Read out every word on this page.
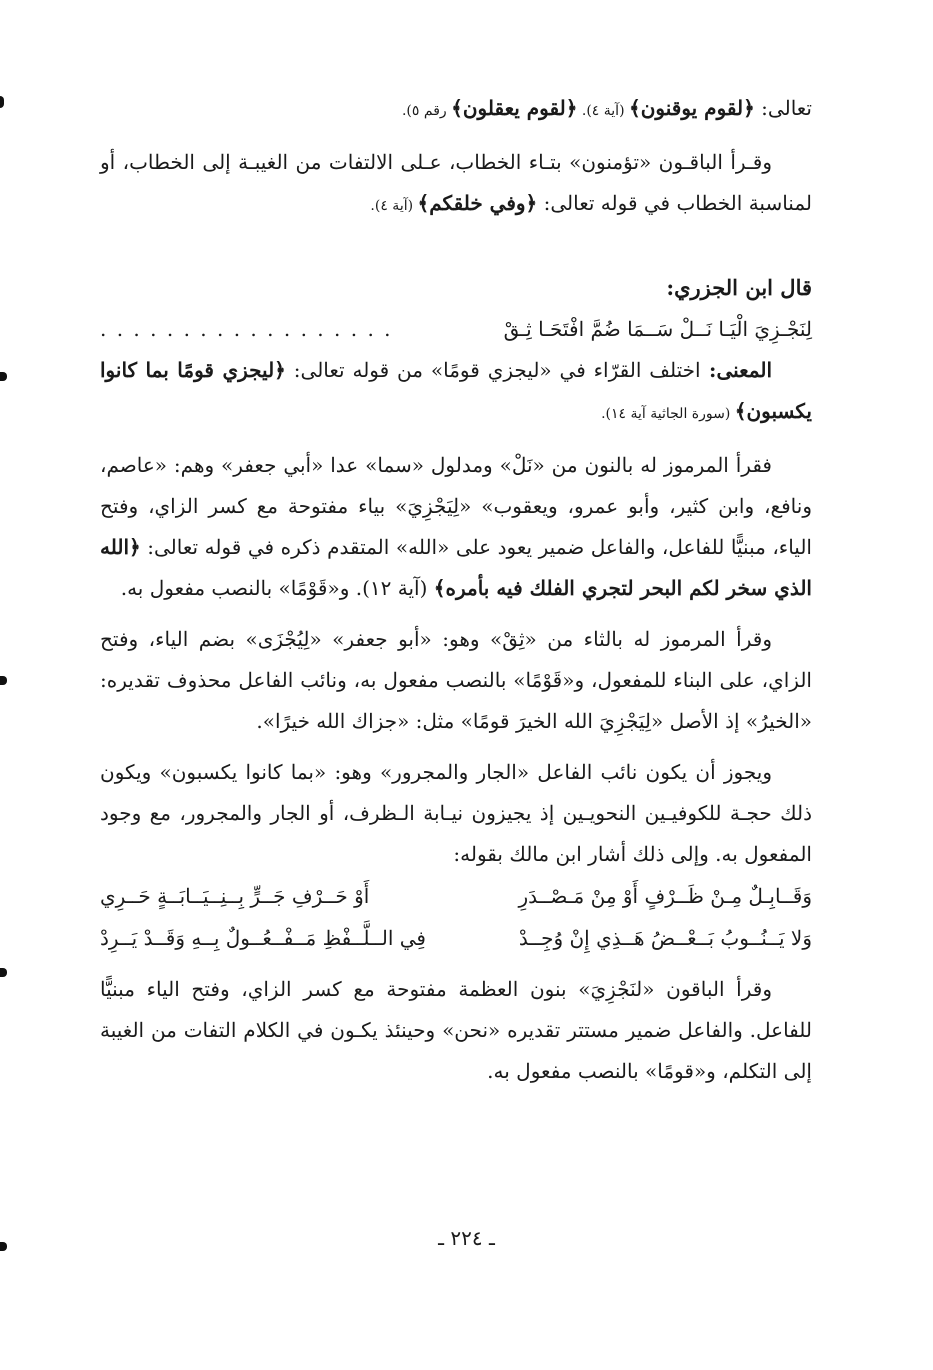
تعالى: ﴿لقوم يوقنون﴾ (آية ٤). ﴿لقوم يعقلون﴾ رقم ٥).

وقـرأ الباقـون «تؤمنون» بتـاء الخطاب، عـلى الالتفات من الغيبـة إلى الخطاب، أو لمناسبة الخطاب في قوله تعالى: ﴿وفي خلقكم﴾ (آية ٤).

قال ابن الجزري:

لِنَجْـزِيَ الْيَـا نَــلْ سَــمَا ضُمَّ افْتَحَـا ثِـقْ
. . . . . . . . . . . . . . . . . .

المعنى: اختلف القرّاء في «ليجزي قومًا» من قوله تعالى: ﴿ليجزي قومًا بما كانوا يكسبون﴾ (سورة الجاثية آية ١٤).

فقرأ المرموز له بالنون من «نَلْ» ومدلول «سما» عدا «أبي جعفر» وهم: «عاصم، ونافع، وابن كثير، وأبو عمرو، ويعقوب» «لِيَجْزِيَ» بياء مفتوحة مع كسر الزاي، وفتح الياء، مبنيًّا للفاعل، والفاعل ضمير يعود على «الله» المتقدم ذكره في قوله تعالى: ﴿الله الذي سخر لكم البحر لتجري الفلك فيه بأمره﴾ (آية ١٢). و«قَوْمًا» بالنصب مفعول به.

وقرأ المرموز له بالثاء من «ثِقْ» وهو: «أبو جعفر» «لِيُجْزَى» بضم الياء، وفتح الزاي، على البناء للمفعول، و«قَوْمًا» بالنصب مفعول به، ونائب الفاعل محذوف تقديره: «الخيرُ» إذ الأصل «لِيَجْزِيَ الله الخيرَ قومًا» مثل: «جزاك الله خيرًا».

ويجوز أن يكون نائب الفاعل «الجار والمجرور» وهو: «بما كانوا يكسبون» ويكون ذلك حجـة للكوفيـين النحويـين إذ يجيزون نيـابة الـظرف، أو الجار والمجرور، مع وجود المفعول به. وإلى ذلك أشار ابن مالك بقوله:

وَقَــابِـلٌ مِـنْ ظَــرْفٍ أَوْ مِنْ مَـصْــدَرِ
أَوْ حَــرْفِ جَــرٍّ بِــنِــيَــابَــةٍ حَــرِي
وَلا يَــنُــوبُ بَــعْــضُ هَــذِي إِنْ وُجِــدْ
فِي الــلَّــفْظِ مَــفْــعُــولٌ بِــهِ وَقَــدْ يَــرِدْ

وقرأ الباقون «لنَجْزِيَ» بنون العظمة مفتوحة مع كسر الزاي، وفتح الياء مبنيًّا للفاعل. والفاعل ضمير مستتر تقديره «نحن» وحينئذ يكـون في الكلام التفات من الغيبة إلى التكلم، و«قومًا» بالنصب مفعول به.

ـ ٢٢٤ ـ
